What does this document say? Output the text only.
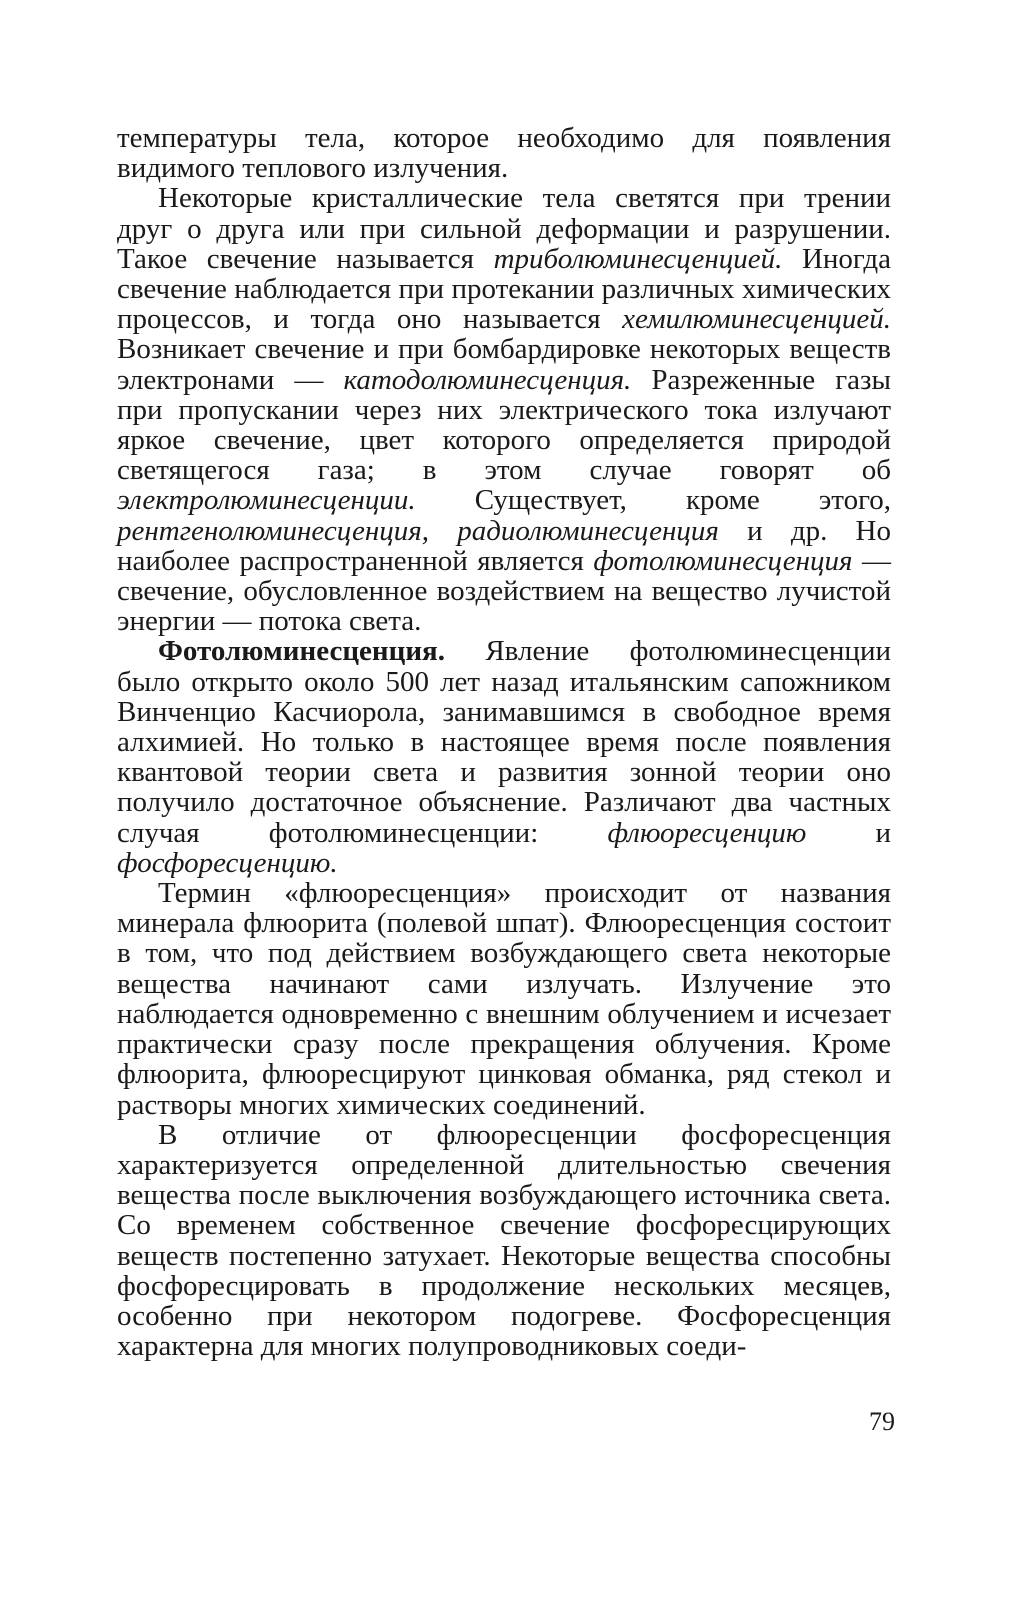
температуры тела, которое необходимо для появления видимого теплового излучения.

Некоторые кристаллические тела светятся при трении друг о друга или при сильной деформации и разрушении. Такое свечение называется триболюминесценцией. Иногда свечение наблюдается при протекании различных химических процессов, и тогда оно называется хемилюминесценцией. Возникает свечение и при бомбардировке некоторых веществ электронами — катодолюминесценция. Разреженные газы при пропускании через них электрического тока излучают яркое свечение, цвет которого определяется природой светящегося газа; в этом случае говорят об электролюминесценции. Существует, кроме этого, рентгенолюминесценция, радиолюминесценция и др. Но наиболее распространенной является фотолюминесценция — свечение, обусловленное воздействием на вещество лучистой энергии — потока света.

Фотолюминесценция. Явление фотолюминесценции было открыто около 500 лет назад итальянским сапожником Винченцио Касчиорола, занимавшимся в свободное время алхимией. Но только в настоящее время после появления квантовой теории света и развития зонной теории оно получило достаточное объяснение. Различают два частных случая фотолюминесценции: флюоресценцию и фосфоресценцию.

Термин «флюоресценция» происходит от названия минерала флюорита (полевой шпат). Флюоресценция состоит в том, что под действием возбуждающего света некоторые вещества начинают сами излучать. Излучение это наблюдается одновременно с внешним облучением и исчезает практически сразу после прекращения облучения. Кроме флюорита, флюоресцируют цинковая обманка, ряд стекол и растворы многих химических соединений.

В отличие от флюоресценции фосфоресценция характеризуется определенной длительностью свечения вещества после выключения возбуждающего источника света. Со временем собственное свечение фосфоресцирующих веществ постепенно затухает. Некоторые вещества способны фосфоресцировать в продолжение нескольких месяцев, особенно при некотором подогреве. Фосфоресценция характерна для многих полупроводниковых соеди-

79
